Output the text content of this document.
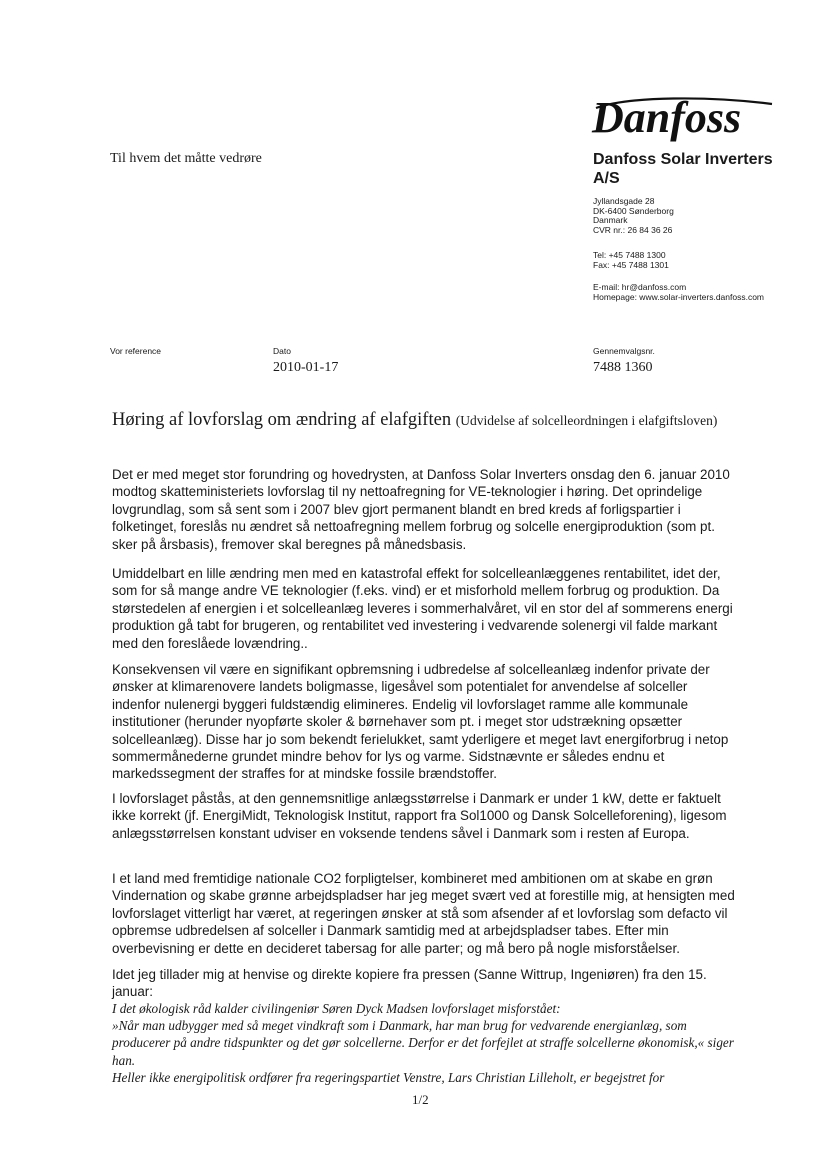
Danfoss
Til hvem det måtte vedrøre	Danfoss Solar Inverters A/S
Jyllandsgade 28
DK-6400 Sønderborg
Danmark
CVR nr.: 26 84 36 26
Tel: +45 7488 1300
Fax: +45 7488 1301
E-mail: hr@danfoss.com
Homepage: www.solar-inverters.danfoss.com
Vor reference	Dato
2010-01-17
Gennemvalgsnr.
7488 1360
Høring af lovforslag om ændring af elafgiften (Udvidelse af solcelleordningen i elafgiftsloven)

Det er med meget stor forundring og hovedrysten, at Danfoss Solar Inverters onsdag den 6. januar 2010 modtog skatteministeriets lovforslag til ny nettoafregning for VE-teknologier i høring. Det oprindelige lovgrundlag, som så sent som i 2007 blev gjort permanent blandt en bred kreds af forligspartier i folketinget, foreslås nu ændret så nettoafregning mellem forbrug og solcelle energiproduktion (som pt. sker på årsbasis), fremover skal beregnes på månedsbasis.

Umiddelbart en lille ændring men med en katastrofal effekt for solcelleanlæggenes rentabilitet, idet der, som for så mange andre VE teknologier (f.eks. vind) er et misforhold mellem forbrug og produktion. Da størstedelen af energien i et solcelleanlæg leveres i sommerhalvåret, vil en stor del af sommerens energi produktion gå tabt for brugeren, og rentabilitet ved investering i vedvarende solenergi vil falde markant med den foreslåede lovændring..

Konsekvensen vil være en signifikant opbremsning i udbredelse af solcelleanlæg indenfor private der ønsker at klimarenovere landets boligmasse, ligesåvel som potentialet for anvendelse af solceller indenfor nulenergi byggeri fuldstændig elimineres. Endelig vil lovforslaget ramme alle kommunale institutioner (herunder nyopførte skoler & børnehaver som pt. i meget stor udstrækning opsætter solcelleanlæg). Disse har jo som bekendt ferielukket, samt yderligere et meget lavt energiforbrug i netop sommermånederne grundet mindre behov for lys og varme. Sidstnævnte er således endnu et markedssegment der straffes for at mindske fossile brændstoffer.

I lovforslaget påstås, at den gennemsnitlige anlægsstørrelse i Danmark er under 1 kW, dette er faktuelt ikke korrekt (jf. EnergiMidt, Teknologisk Institut, rapport fra Sol1000 og Dansk Solcelleforening), ligesom anlægsstørrelsen konstant udviser en voksende tendens såvel i Danmark som i resten af Europa.

I et land med fremtidige nationale CO2 forpligtelser, kombineret med ambitionen om at skabe en grøn Vindernation og skabe grønne arbejdspladser har jeg meget svært ved at forestille mig, at hensigten med lovforslaget vitterligt har været, at regeringen ønsker at stå som afsender af et lovforslag som defacto vil opbremse udbredelsen af solceller i Danmark samtidig med at arbejdspladser tabes. Efter min overbevisning er dette en decideret tabersag for alle parter; og må bero på nogle misforståelser.

Idet jeg tillader mig at henvise og direkte kopiere fra pressen (Sanne Wittrup, Ingeniøren) fra den 15. januar:

I det økologisk råd kalder civilingeniør Søren Dyck Madsen lovforslaget misforstået:
»Når man udbygger med så meget vindkraft som i Danmark, har man brug for vedvarende energianlæg, som producerer på andre tidspunkter og det gør solcellerne. Derfor er det forfejlet at straffe solcellerne økonomisk,« siger han.
Heller ikke energipolitisk ordfører fra regeringspartiet Venstre, Lars Christian Lilleholt, er begejstret for
1/2
